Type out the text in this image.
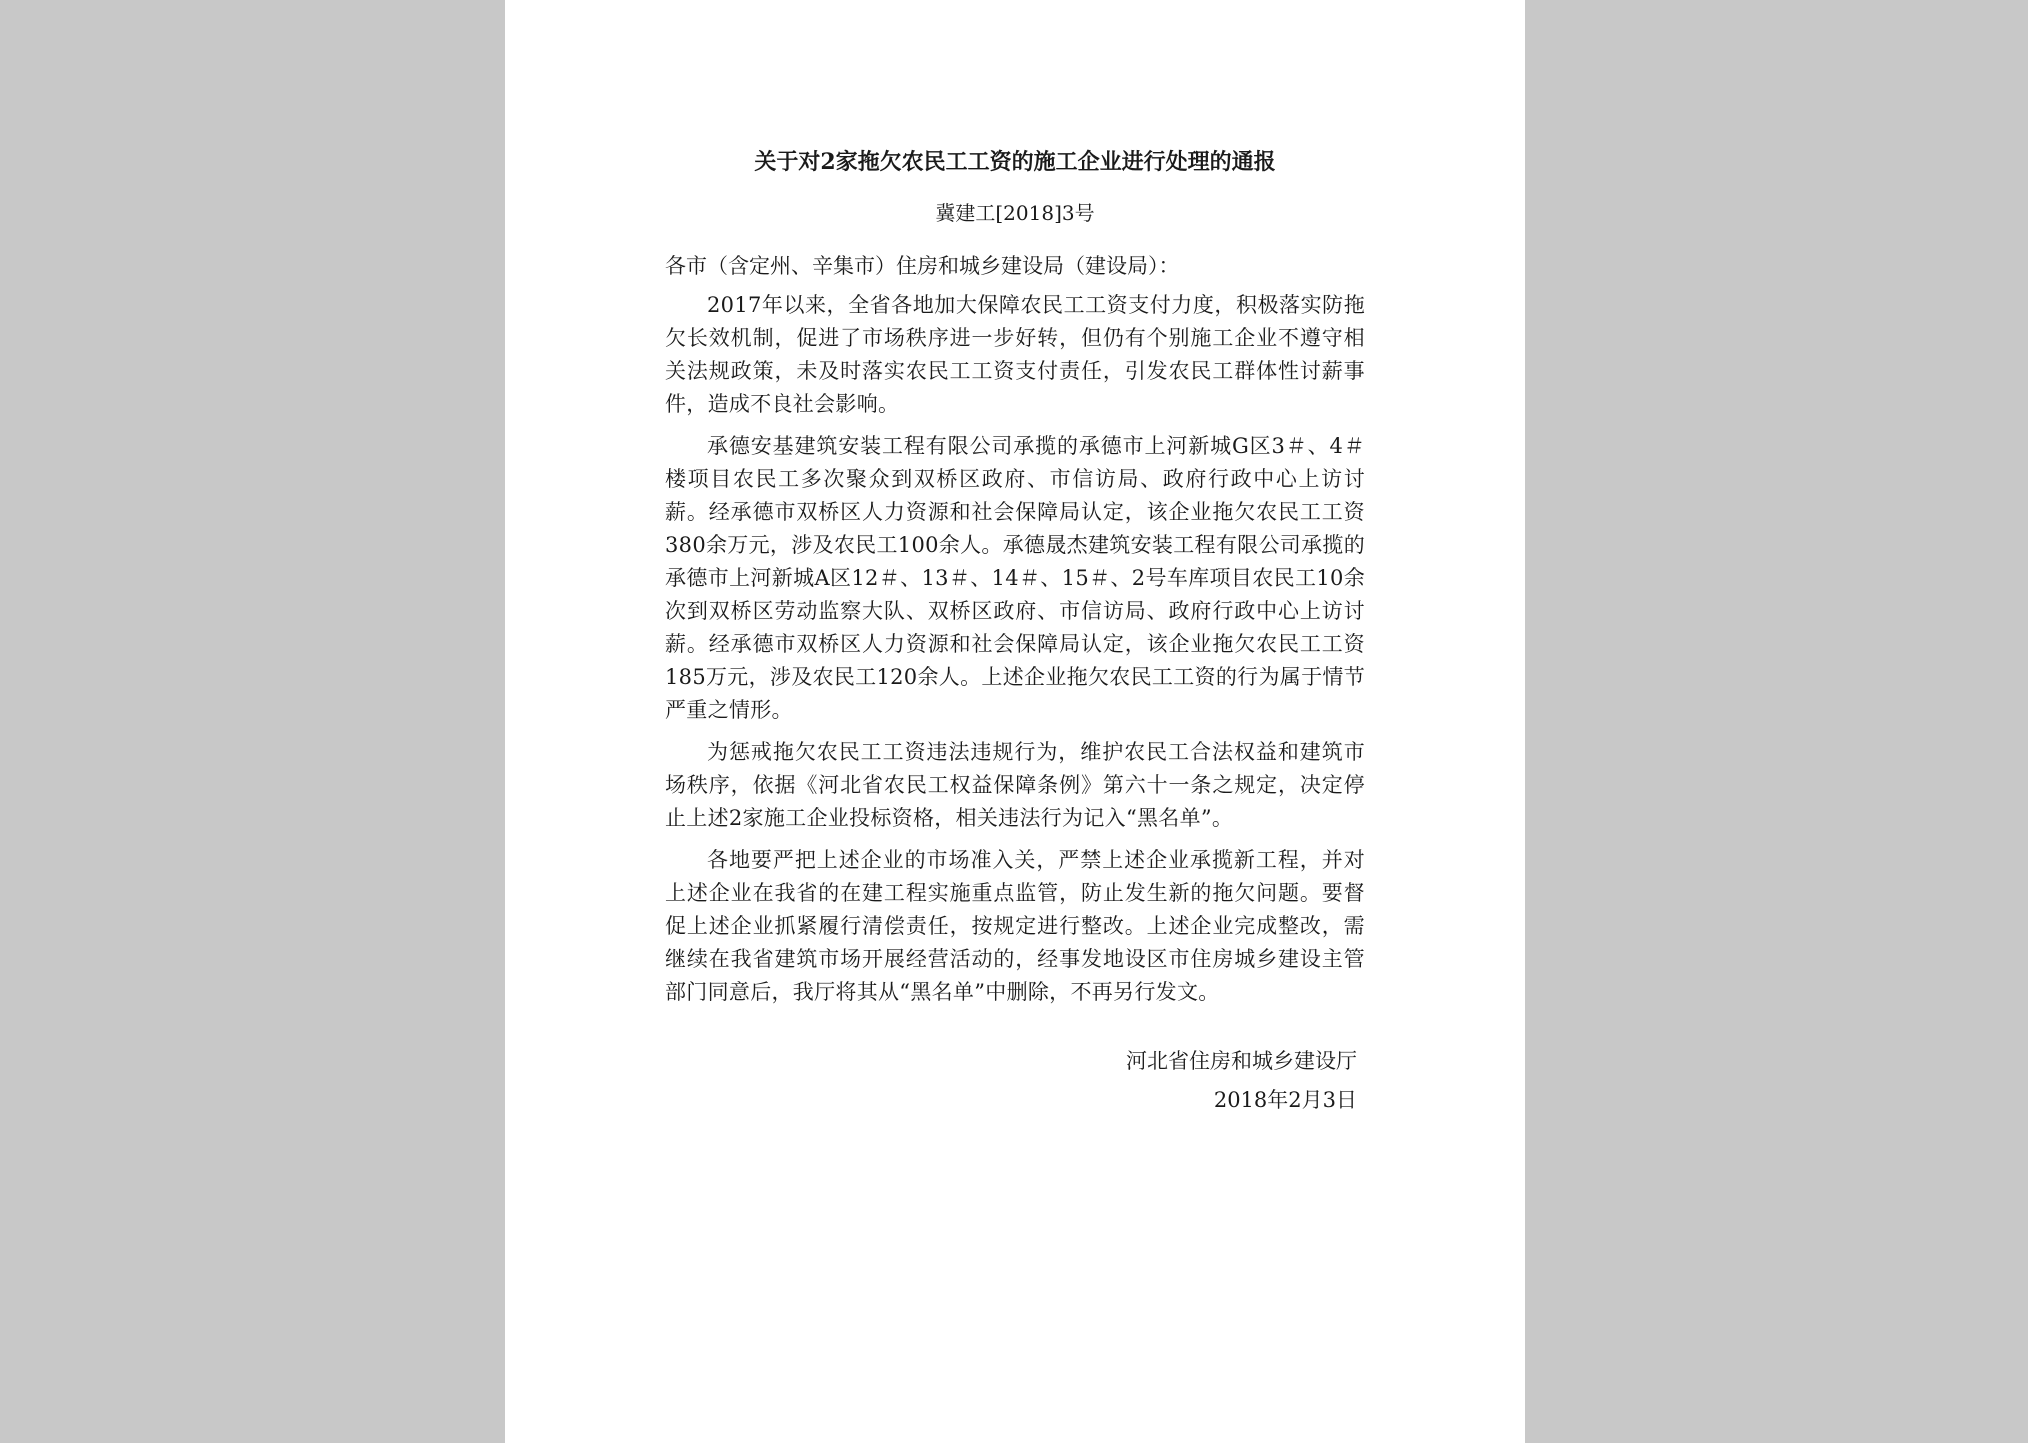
关于对2家拖欠农民工工资的施工企业进行处理的通报
冀建工[2018]3号
各市（含定州、辛集市）住房和城乡建设局（建设局）：

2017年以来，全省各地加大保障农民工工资支付力度，积极落实防拖欠长效机制，促进了市场秩序进一步好转，但仍有个别施工企业不遵守相关法规政策，未及时落实农民工工资支付责任，引发农民工群体性讨薪事件，造成不良社会影响。

承德安基建筑安装工程有限公司承揽的承德市上河新城G区3＃、4＃楼项目农民工多次聚众到双桥区政府、市信访局、政府行政中心上访讨薪。经承德市双桥区人力资源和社会保障局认定，该企业拖欠农民工工资380余万元，涉及农民工100余人。承德晟杰建筑安装工程有限公司承揽的承德市上河新城A区12＃、13＃、14＃、15＃、2号车库项目农民工10余次到双桥区劳动监察大队、双桥区政府、市信访局、政府行政中心上访讨薪。经承德市双桥区人力资源和社会保障局认定，该企业拖欠农民工工资185万元，涉及农民工120余人。上述企业拖欠农民工工资的行为属于情节严重之情形。

为惩戒拖欠农民工工资违法违规行为，维护农民工合法权益和建筑市场秩序，依据《河北省农民工权益保障条例》第六十一条之规定，决定停止上述2家施工企业投标资格，相关违法行为记入“黑名单”。

各地要严把上述企业的市场准入关，严禁上述企业承揽新工程，并对上述企业在我省的在建工程实施重点监管，防止发生新的拖欠问题。要督促上述企业抓紧履行清偿责任，按规定进行整改。上述企业完成整改，需继续在我省建筑市场开展经营活动的，经事发地设区市住房城乡建设主管部门同意后，我厅将其从“黑名单”中删除，不再另行发文。

河北省住房和城乡建设厅
2018年2月3日
